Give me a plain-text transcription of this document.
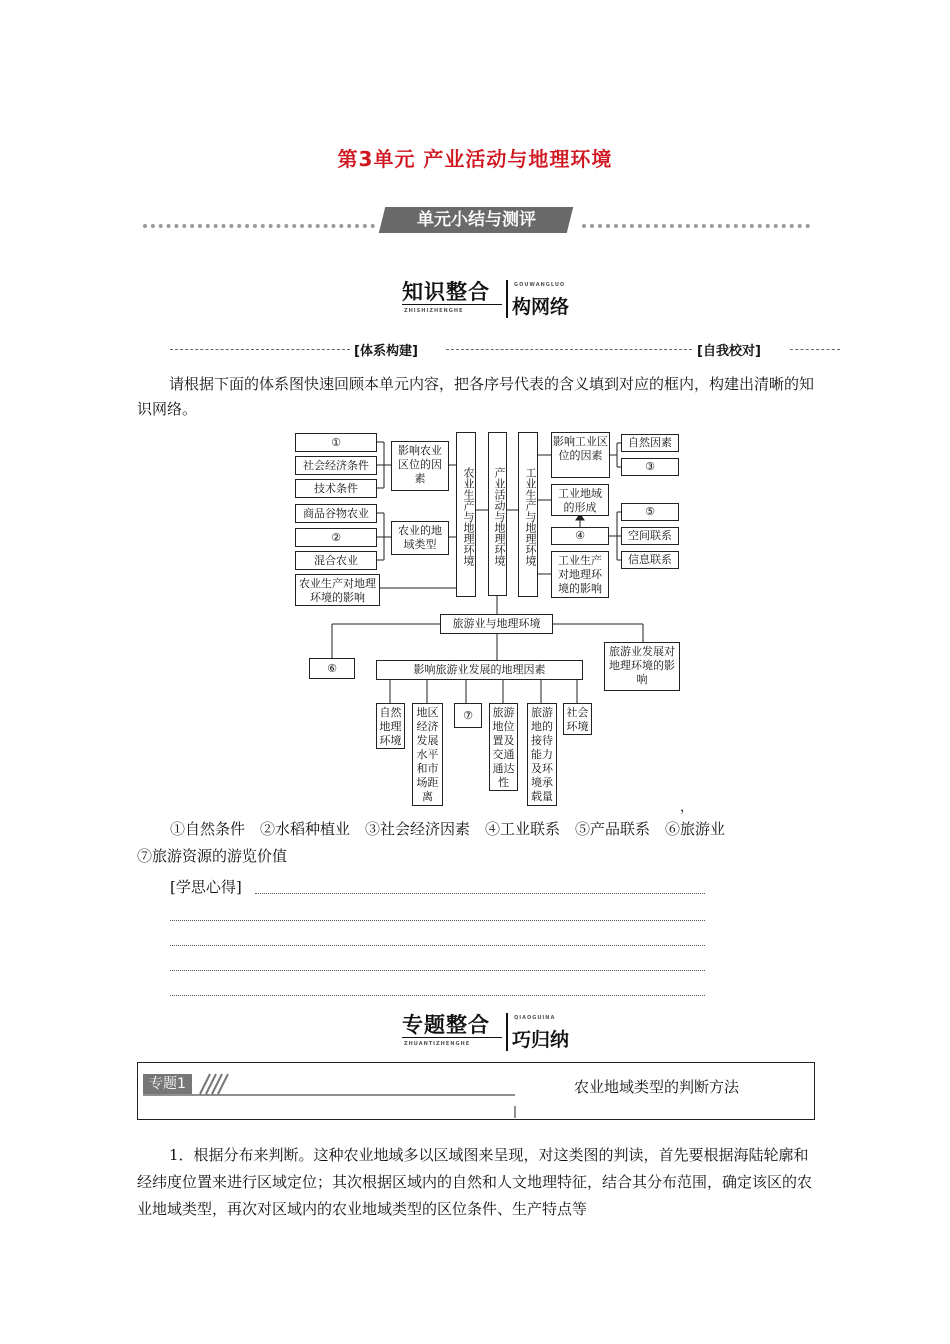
第3单元 产业活动与地理环境
单元小结与测评
知识整合
ZHISHIZHENGHE
GOUWANGLUO
构网络
[体系构建]	[自我校对]
请根据下面的体系图快速回顾本单元内容，把各序号代表的含义填到对应的框内，构建出清晰的知识网络。
①
社会经济条件
技术条件
影响农业区位的因素
商品谷物农业
②
混合农业
农业的地域类型
农业生产对地理环境的影响
农业生产与地理环境	产业活动与地理环境	工业生产与地理环境
影响工业区位的因素
自然因素
③
工业地域的形成
④
⑤
空间联系
信息联系
工业生产对地理环境的影响
旅游业与地理环境
⑥	影响旅游业发展的地理因素
旅游业发展对地理环境的影响
自然地理环境
地区经济发展水平和市场距离
⑦	旅游地位置及交通通达性
旅游地的接待能力及环境承载量
社会环境
，
①自然条件　②水稻种植业　③社会经济因素　④工业联系　⑤产品联系　⑥旅游业
⑦旅游资源的游览价值
[学思心得]
专题整合
ZHUANTIZHENGHE
QIAOGUINA
巧归纳
专题1	农业地域类型的判断方法
1．根据分布来判断。这种农业地域多以区域图来呈现，对这类图的判读，首先要根据海陆轮廓和经纬度位置来进行区域定位；其次根据区域内的自然和人文地理特征，结合其分布范围，确定该区的农业地域类型，再次对区域内的农业地域类型的区位条件、生产特点等
